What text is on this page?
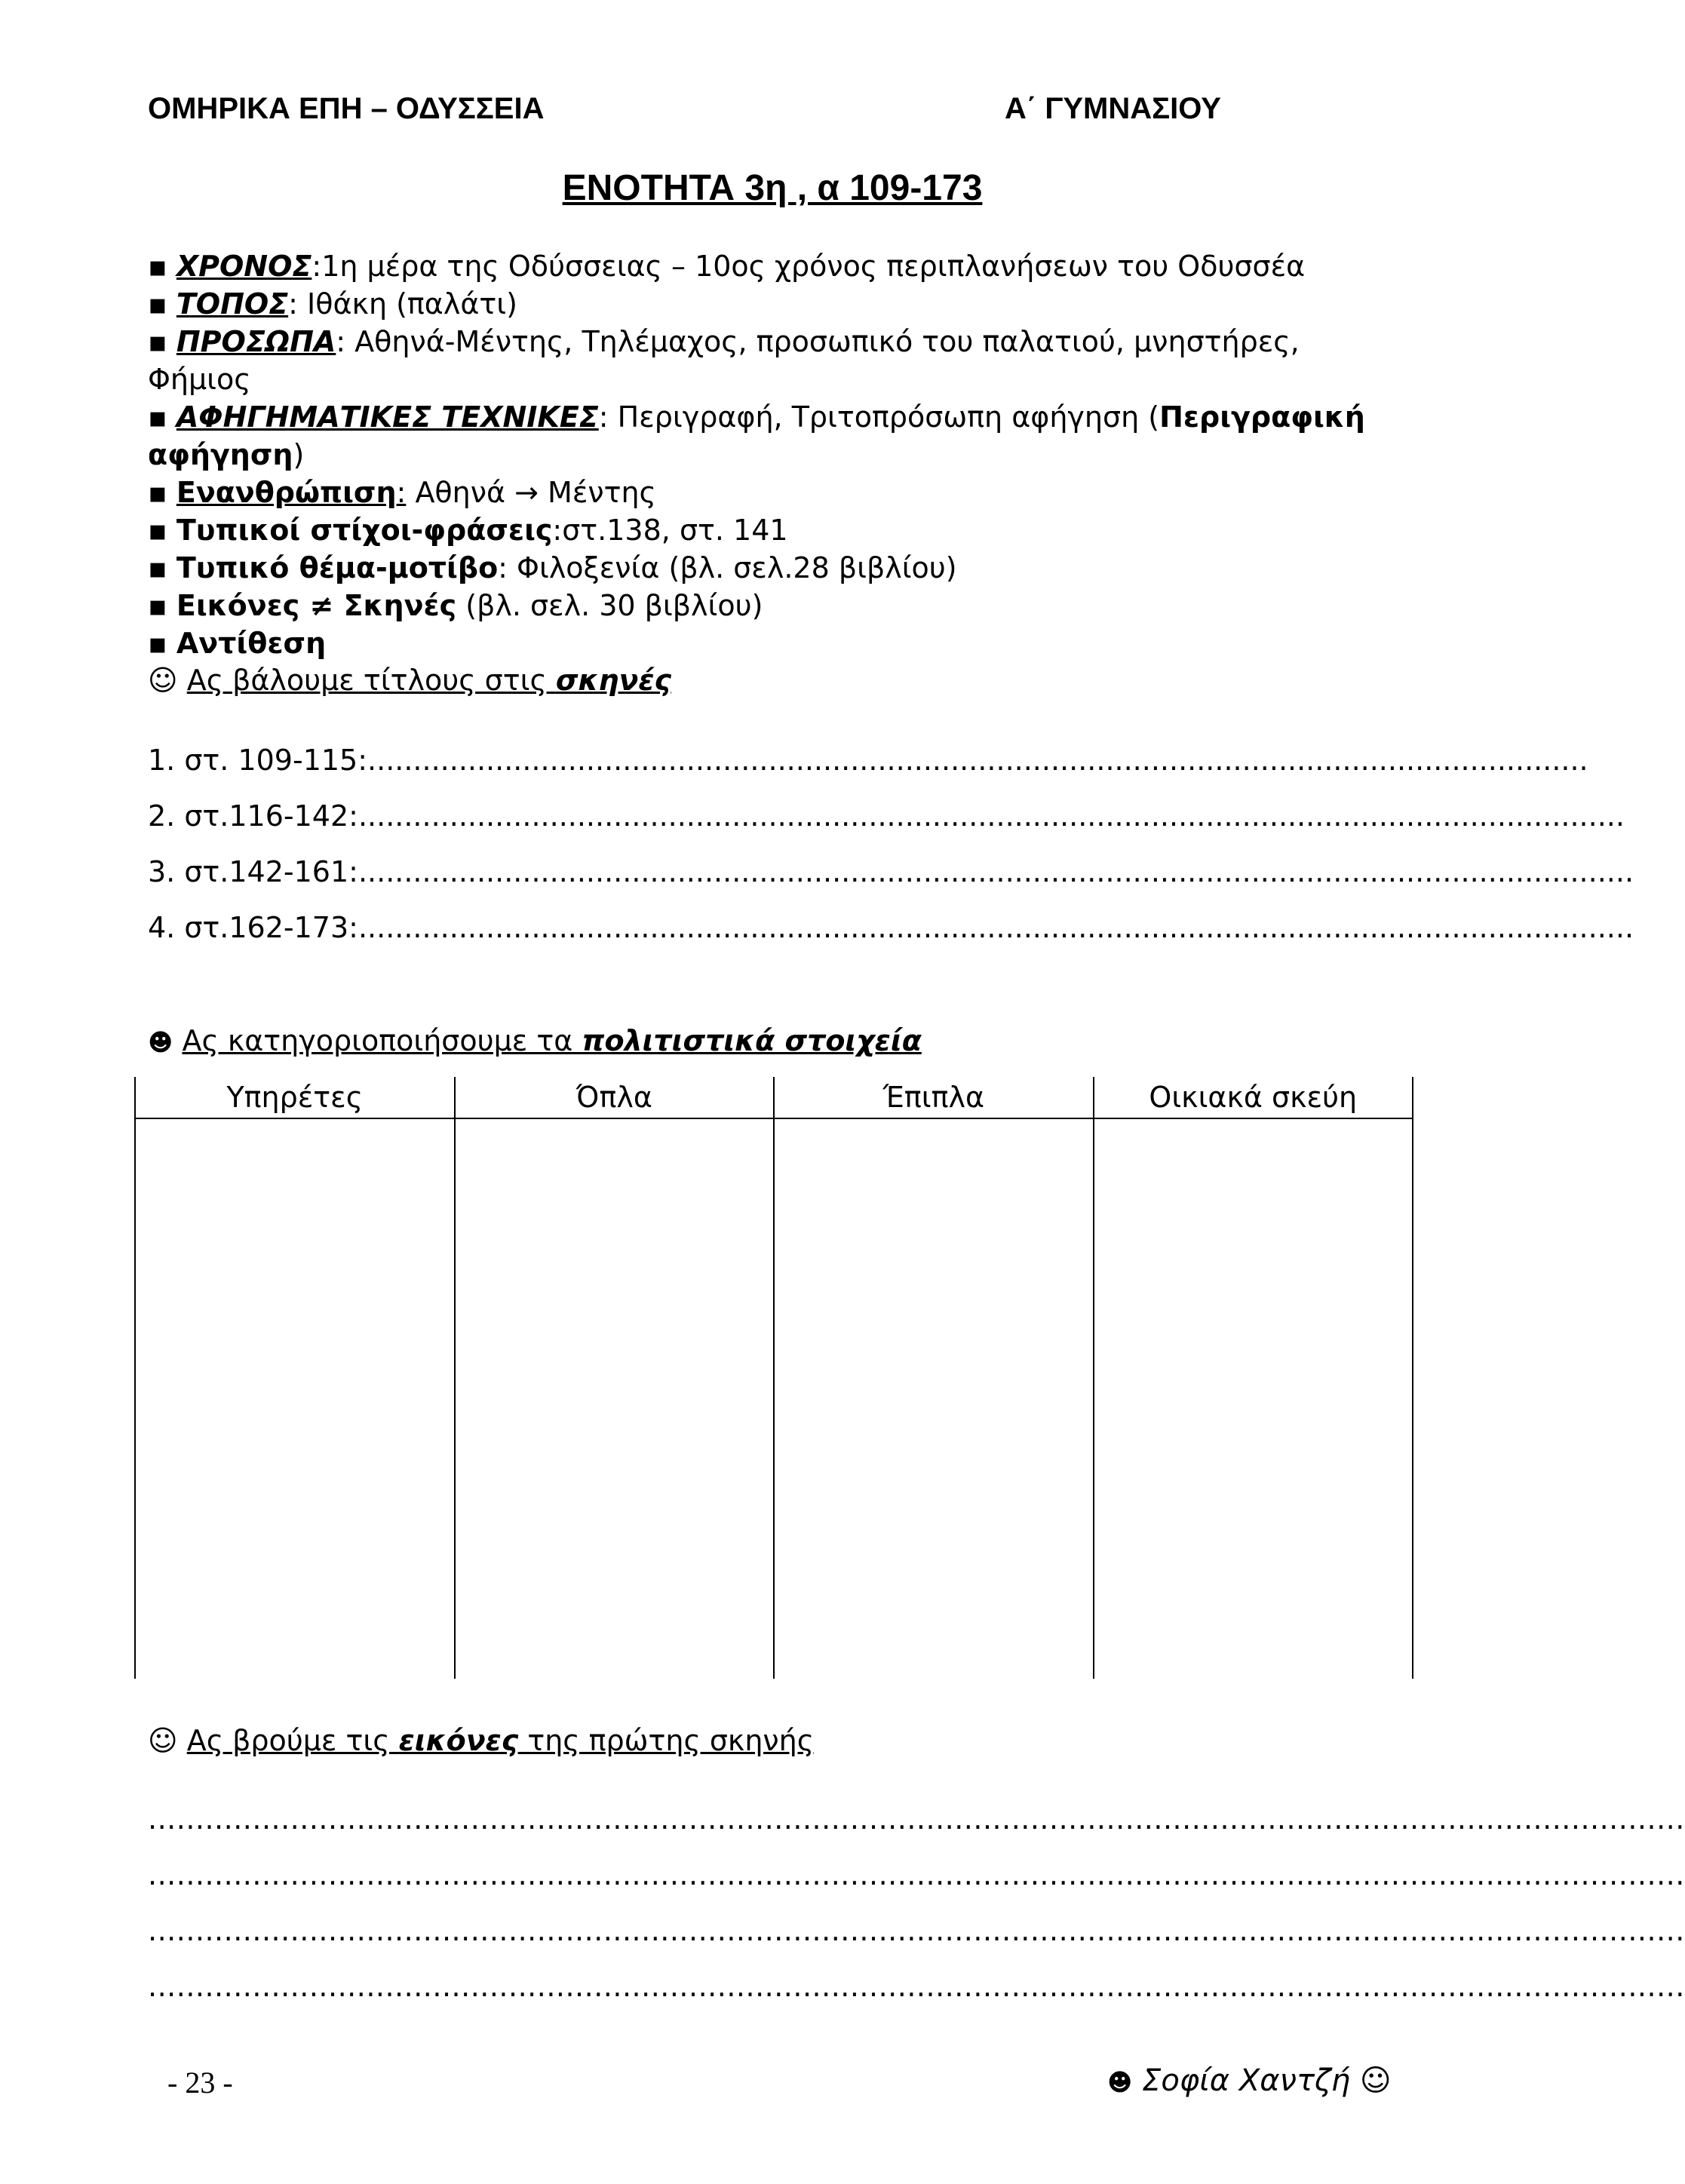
ΟΜΗΡΙΚΑ ΕΠΗ – ΟΔΥΣΣΕΙΑ	Α΄ ΓΥΜΝΑΣΙΟΥ
ΕΝΟΤΗΤΑ 3η , α 109-173
▪ ΧΡΟΝΟΣ:1η μέρα της Οδύσσειας – 10ος χρόνος περιπλανήσεων του Οδυσσέα
▪ ΤΟΠΟΣ: Ιθάκη (παλάτι)
▪ ΠΡΟΣΩΠΑ: Αθηνά-Μέντης, Τηλέμαχος, προσωπικό του παλατιού, μνηστήρες, Φήμιος
▪ ΑΦΗΓΗΜΑΤΙΚΕΣ ΤΕΧΝΙΚΕΣ: Περιγραφή, Τριτοπρόσωπη αφήγηση (Περιγραφική αφήγηση)
▪ Ενανθρώπιση: Αθηνά → Μέντης
▪ Τυπικοί στίχοι-φράσεις:στ.138, στ. 141
▪ Τυπικό θέμα-μοτίβο: Φιλοξενία (βλ. σελ.28 βιβλίου)
▪ Εικόνες ≠ Σκηνές (βλ. σελ. 30 βιβλίου)
▪ Αντίθεση
☺ Ας βάλουμε τίτλους στις σκηνές
1. στ. 109-115:......................................................................................................................................
2. στ.116-142:...........................................................................................................................................
3. στ.142-161:............................................................................................................................................
4. στ.162-173:............................................................................................................................................
☻ Ας κατηγοριοποιήσουμε τα πολιτιστικά στοιχεία
Υπηρέτες	Όπλα	Έπιπλα	Οικιακά σκεύη

☺ Ας βρούμε τις εικόνες της πρώτης σκηνής
..................................................................................................................................................................
..................................................................................................................................................................
..................................................................................................................................................................
..................................................................................................................................................................
- 23 -	☻ Σοφία Χαντζή ☺
